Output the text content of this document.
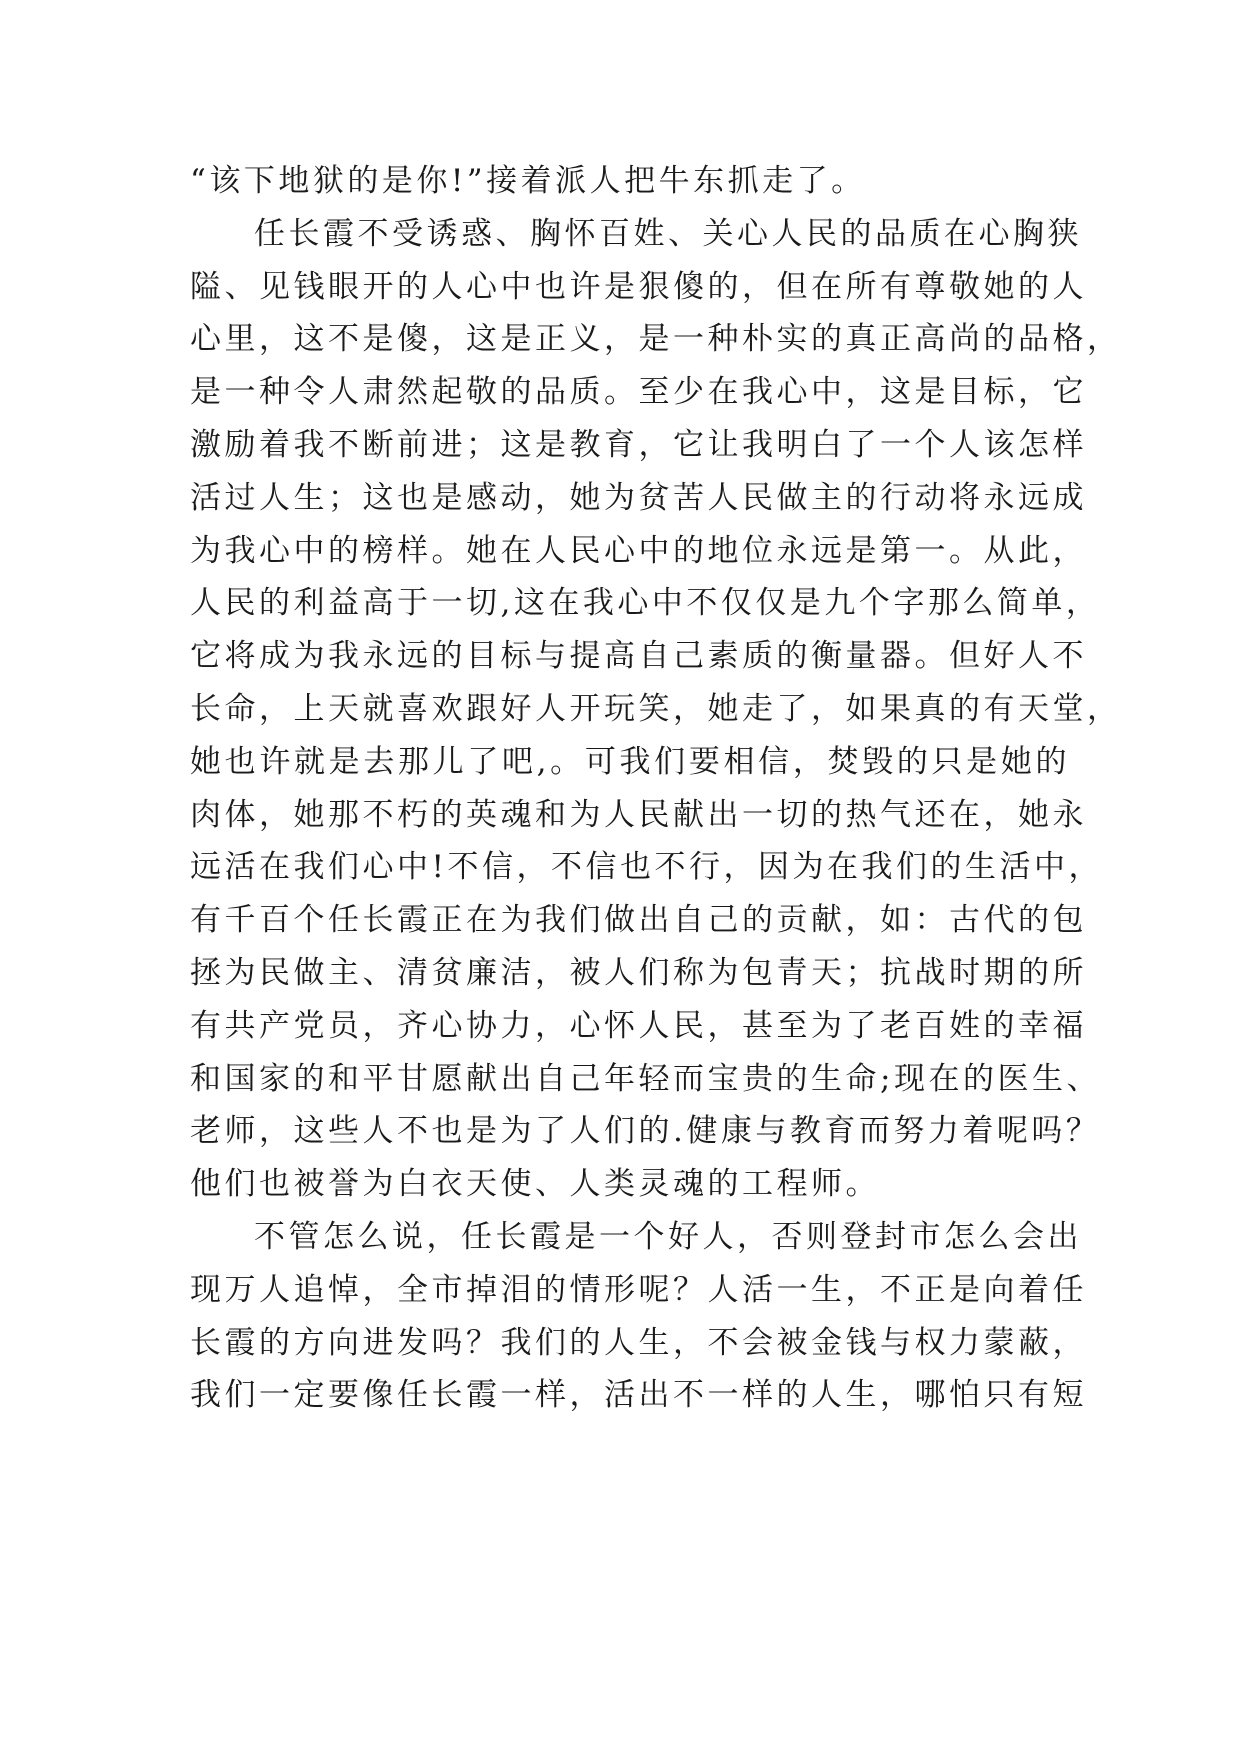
“该下地狱的是你!”接着派人把牛东抓走了。
任长霞不受诱惑、胸怀百姓、关心人民的品质在心胸狭
隘、见钱眼开的人心中也许是狠傻的，但在所有尊敬她的人
心里，这不是傻，这是正义，是一种朴实的真正高尚的品格，
是一种令人肃然起敬的品质。至少在我心中，这是目标，它
激励着我不断前进；这是教育，它让我明白了一个人该怎样
活过人生；这也是感动，她为贫苦人民做主的行动将永远成
为我心中的榜样。她在人民心中的地位永远是第一。从此，
人民的利益高于一切,这在我心中不仅仅是九个字那么简单，
它将成为我永远的目标与提高自己素质的衡量器。但好人不
长命，上天就喜欢跟好人开玩笑，她走了，如果真的有天堂，
她也许就是去那儿了吧,。可我们要相信，焚毁的只是她的
肉体，她那不朽的英魂和为人民献出一切的热气还在，她永
远活在我们心中!不信，不信也不行，因为在我们的生活中，
有千百个任长霞正在为我们做出自己的贡献，如：古代的包
拯为民做主、清贫廉洁，被人们称为包青天；抗战时期的所
有共产党员，齐心协力，心怀人民，甚至为了老百姓的幸福
和国家的和平甘愿献出自己年轻而宝贵的生命;现在的医生、
老师，这些人不也是为了人们的.健康与教育而努力着呢吗？
他们也被誉为白衣天使、人类灵魂的工程师。
不管怎么说，任长霞是一个好人，否则登封市怎么会出
现万人追悼，全市掉泪的情形呢？人活一生，不正是向着任
长霞的方向进发吗？我们的人生，不会被金钱与权力蒙蔽，
我们一定要像任长霞一样，活出不一样的人生，哪怕只有短
